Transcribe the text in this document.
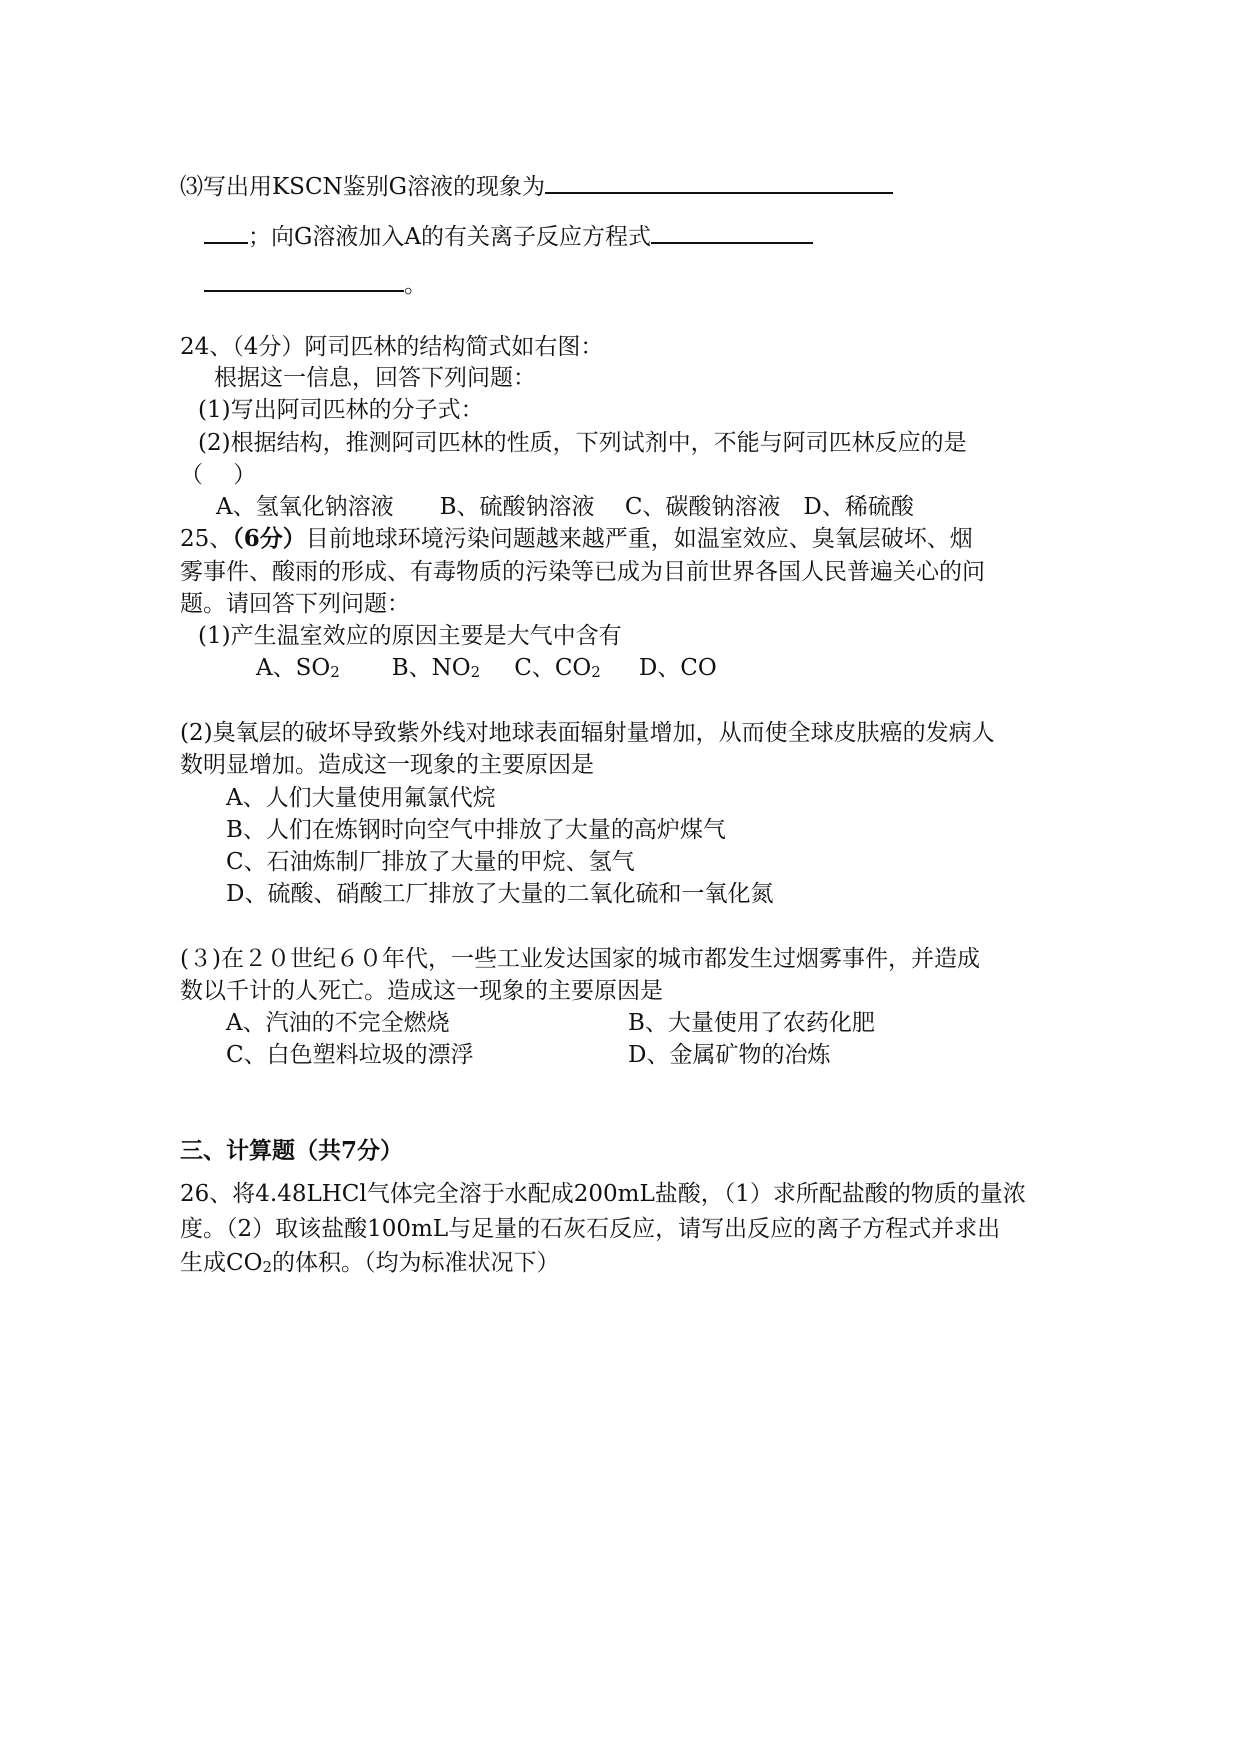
⑶写出用KSCN鉴别G溶液的现象为
；向G溶液加入A的有关离子反应方程式
。
24、（4分）阿司匹林的结构简式如右图：
根据这一信息，回答下列问题：
(1)写出阿司匹林的分子式：
(2)根据结构，推测阿司匹林的性质，下列试剂中，不能与阿司匹林反应的是
（　 ）
A、氢氧化钠溶液　　B、硫酸钠溶液　 C、碳酸钠溶液　D、稀硫酸
25、（6分）目前地球环境污染问题越来越严重，如温室效应、臭氧层破坏、烟
雾事件、酸雨的形成、有毒物质的污染等已成为目前世界各国人民普遍关心的问
题。请回答下列问题：
(1)产生温室效应的原因主要是大气中含有
A、$SO_2$ B、$NO_2$ C、$CO_2$ D、CO
(2)臭氧层的破坏导致紫外线对地球表面辐射量增加，从而使全球皮肤癌的发病人
数明显增加。造成这一现象的主要原因是
A、人们大量使用氟氯代烷
B、人们在炼钢时向空气中排放了大量的高炉煤气
C、石油炼制厂排放了大量的甲烷、氢气
D、硫酸、硝酸工厂排放了大量的二氧化硫和一氧化氮
(３)在２０世纪６０年代，一些工业发达国家的城市都发生过烟雾事件，并造成
数以千计的人死亡。造成这一现象的主要原因是
A、汽油的不完全燃烧	B、大量使用了农药化肥
C、白色塑料垃圾的漂浮	D、金属矿物的冶炼
三、计算题（共7分）
26、将4.48LHCl气体完全溶于水配成200mL盐酸，（1）求所配盐酸的物质的量浓
度。（2）取该盐酸100mL与足量的石灰石反应，请写出反应的离子方程式并求出
生成$CO_2$的体积。（均为标准状况下）
